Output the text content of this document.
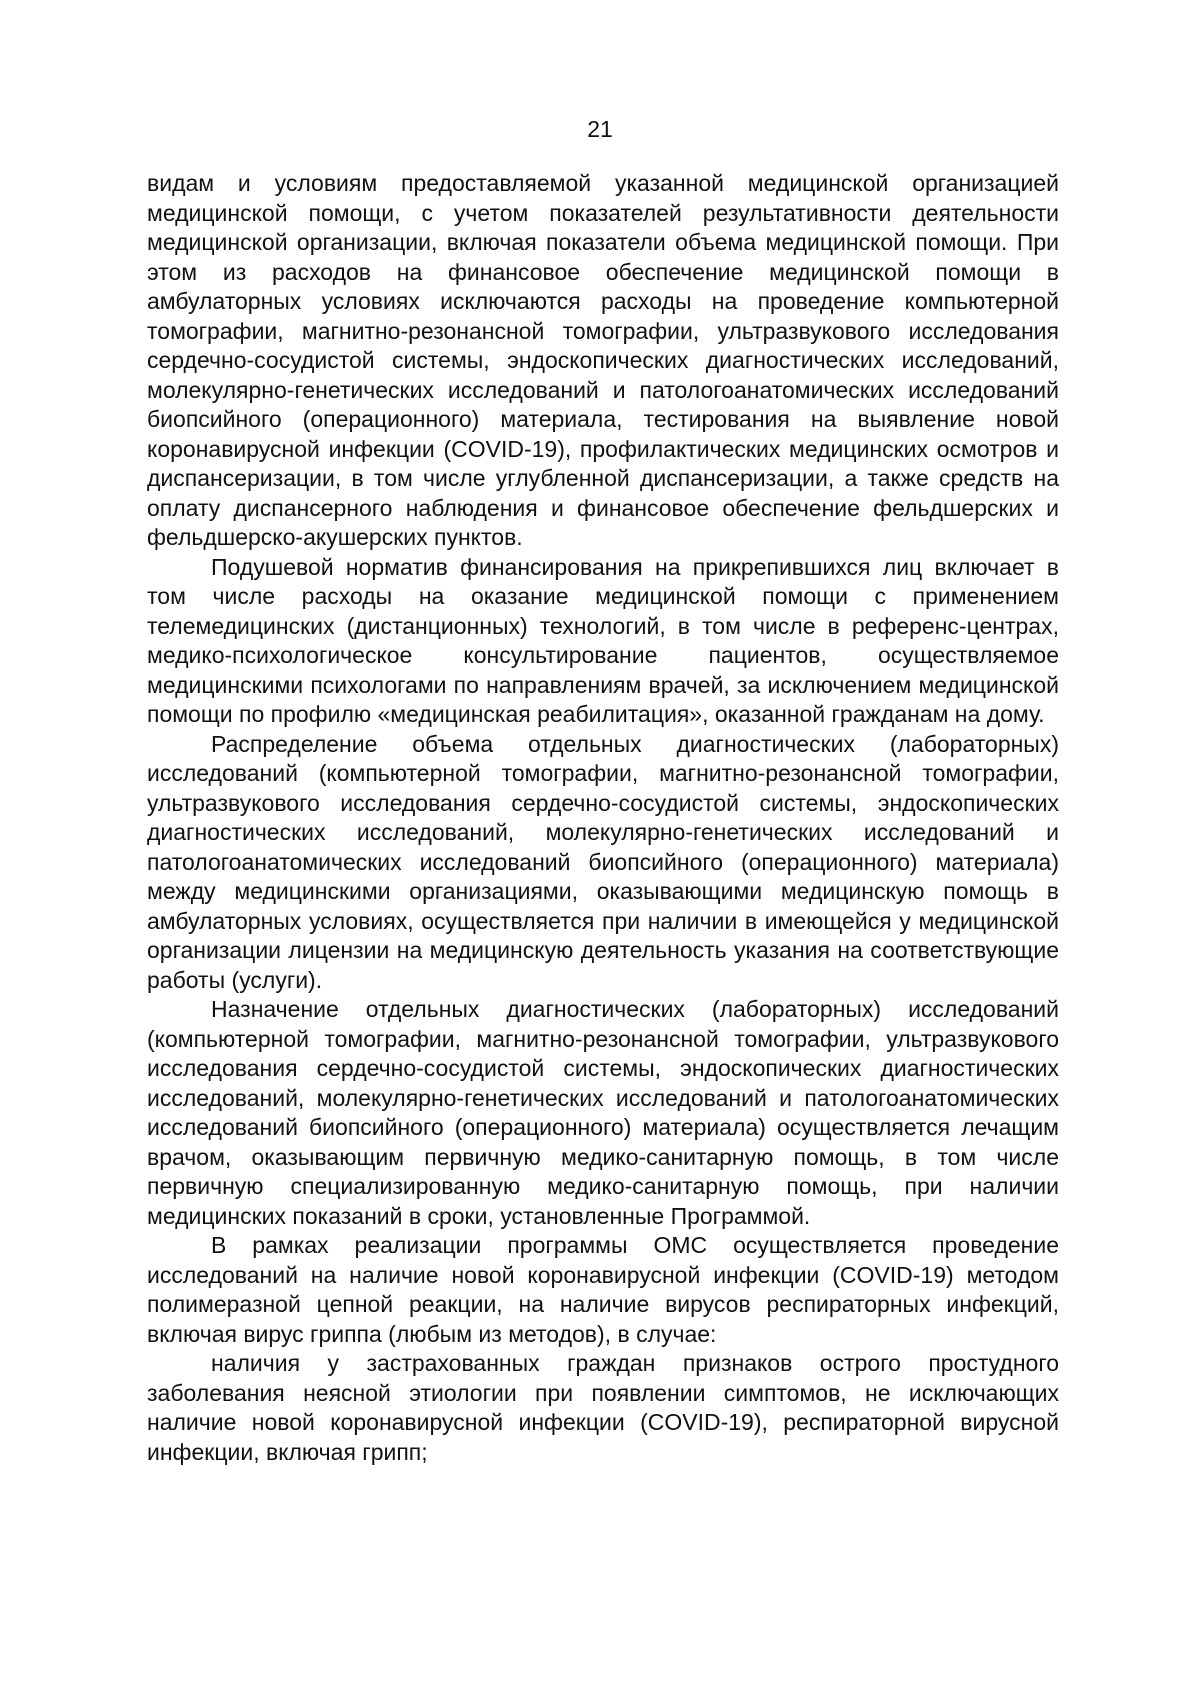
21

видам и условиям предоставляемой указанной медицинской организацией медицинской помощи, с учетом показателей результативности деятельности медицинской организации, включая показатели объема медицинской помощи. При этом из расходов на финансовое обеспечение медицинской помощи в амбулаторных условиях исключаются расходы на проведение компьютерной томографии, магнитно-резонансной томографии, ультразвукового исследования сердечно-сосудистой системы, эндоскопических диагностических исследований, молекулярно-генетических исследований и патологоанатомических исследований биопсийного (операционного) материала, тестирования на выявление новой коронавирусной инфекции (COVID-19), профилактических медицинских осмотров и диспансеризации, в том числе углубленной диспансеризации, а также средств на оплату диспансерного наблюдения и финансовое обеспечение фельдшерских и фельдшерско-акушерских пунктов.

Подушевой норматив финансирования на прикрепившихся лиц включает в том числе расходы на оказание медицинской помощи с применением телемедицинских (дистанционных) технологий, в том числе в референс-центрах, медико-психологическое консультирование пациентов, осуществляемое медицинскими психологами по направлениям врачей, за исключением медицинской помощи по профилю «медицинская реабилитация», оказанной гражданам на дому.

Распределение объема отдельных диагностических (лабораторных) исследований (компьютерной томографии, магнитно-резонансной томографии, ультразвукового исследования сердечно-сосудистой системы, эндоскопических диагностических исследований, молекулярно-генетических исследований и патологоанатомических исследований биопсийного (операционного) материала) между медицинскими организациями, оказывающими медицинскую помощь в амбулаторных условиях, осуществляется при наличии в имеющейся у медицинской организации лицензии на медицинскую деятельность указания на соответствующие работы (услуги).

Назначение отдельных диагностических (лабораторных) исследований (компьютерной томографии, магнитно-резонансной томографии, ультразвукового исследования сердечно-сосудистой системы, эндоскопических диагностических исследований, молекулярно-генетических исследований и патологоанатомических исследований биопсийного (операционного) материала) осуществляется лечащим врачом, оказывающим первичную медико-санитарную помощь, в том числе первичную специализированную медико-санитарную помощь, при наличии медицинских показаний в сроки, установленные Программой.

В рамках реализации программы ОМС осуществляется проведение исследований на наличие новой коронавирусной инфекции (COVID-19) методом полимеразной цепной реакции, на наличие вирусов респираторных инфекций, включая вирус гриппа (любым из методов), в случае:

наличия у застрахованных граждан признаков острого простудного заболевания неясной этиологии при появлении симптомов, не исключающих наличие новой коронавирусной инфекции (COVID-19), респираторной вирусной инфекции, включая грипп;
